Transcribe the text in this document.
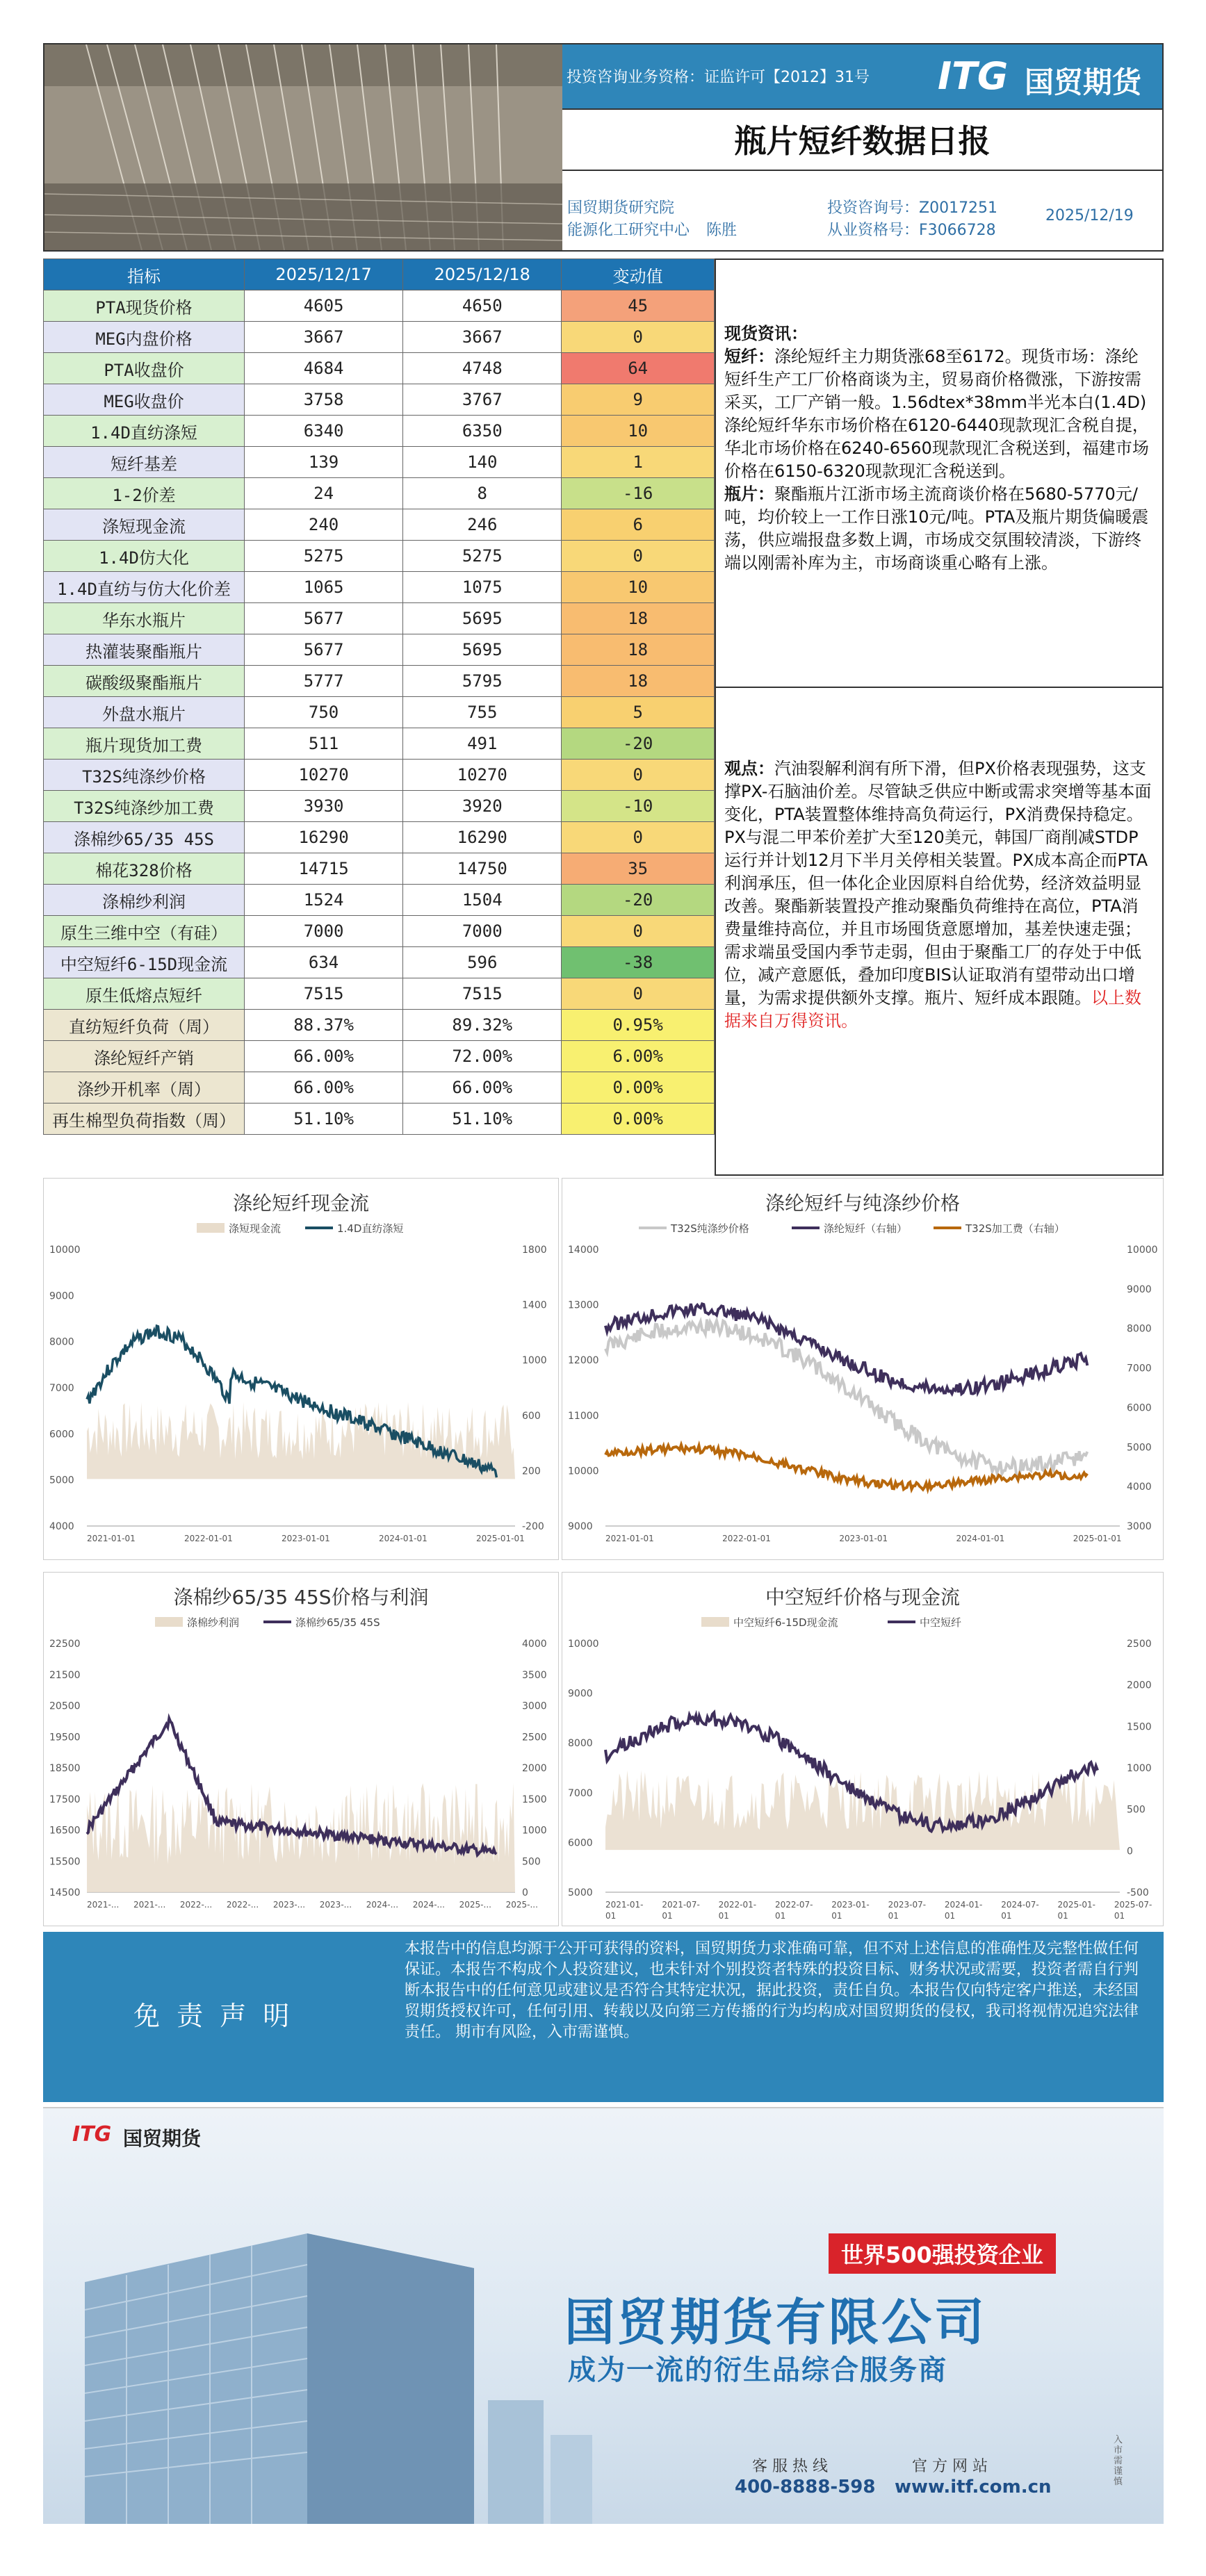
投资咨询业务资格：证监许可【2012】31号 ITG 国贸期货
瓶片短纤数据日报
国贸期货研究院
能源化工研究中心 陈胜
投资咨询号：Z0017251
从业资格号：F3066728
2025/12/19
指标	2025/12/17	2025/12/18	变动值
PTA现货价格	4605	4650	45
MEG内盘价格	3667	3667	0
PTA收盘价	4684	4748	64
MEG收盘价	3758	3767	9
1.4D直纺涤短	6340	6350	10
短纤基差	139	140	1
1-2价差	24	8	-16
涤短现金流	240	246	6
1.4D仿大化	5275	5275	0
1.4D直纺与仿大化价差	1065	1075	10
华东水瓶片	5677	5695	18
热灌装聚酯瓶片	5677	5695	18
碳酸级聚酯瓶片	5777	5795	18
外盘水瓶片	750	755	5
瓶片现货加工费	511	491	-20
T32S纯涤纱价格	10270	10270	0
T32S纯涤纱加工费	3930	3920	-10
涤棉纱65/35 45S	16290	16290	0
棉花328价格	14715	14750	35
涤棉纱利润	1524	1504	-20
原生三维中空（有硅）	7000	7000	0
中空短纤6-15D现金流	634	596	-38
原生低熔点短纤	7515	7515	0
直纺短纤负荷（周）	88.37%	89.32%	0.95%
涤纶短纤产销	66.00%	72.00%	6.00%
涤纱开机率（周）	66.00%	66.00%	0.00%
再生棉型负荷指数（周）	51.10%	51.10%	0.00%
现货资讯：
短纤：涤纶短纤主力期货涨68至6172。现货市场：涤纶短纤生产工厂价格商谈为主，贸易商价格微涨，下游按需采买，工厂产销一般。1.56dtex*38mm半光本白(1.4D)涤纶短纤华东市场价格在6120-6440现款现汇含税自提，华北市场价格在6240-6560现款现汇含税送到，福建市场价格在6150-6320现款现汇含税送到。
瓶片：聚酯瓶片江浙市场主流商谈价格在5680-5770元/吨，均价较上一工作日涨10元/吨。PTA及瓶片期货偏暖震荡，供应端报盘多数上调，市场成交氛围较清淡，下游终端以刚需补库为主，市场商谈重心略有上涨。
观点：汽油裂解利润有所下滑，但PX价格表现强势，这支撑PX-石脑油价差。尽管缺乏供应中断或需求突增等基本面变化，PTA装置整体维持高负荷运行，PX消费保持稳定。PX与混二甲苯价差扩大至120美元，韩国厂商削减STDP运行并计划12月下半月关停相关装置。PX成本高企而PTA利润承压，但一体化企业因原料自给优势，经济效益明显改善。聚酯新装置投产推动聚酯负荷维持在高位，PTA消费量维持高位，并且市场囤货意愿增加，基差快速走强；需求端虽受国内季节走弱，但由于聚酯工厂的存处于中低位，减产意愿低，叠加印度BIS认证取消有望带动出口增量，为需求提供额外支撑。瓶片、短纤成本跟随。以上数据来自万得资讯。
涤纶短纤现金流
涤短现金流	1.4D直纺涤短
10000
9000
8000
7000
6000
5000
4000
1800
1400
1000
600
200
-200
2021-01-01	2022-01-01	2023-01-01	2024-01-01	2025-01-01
涤纶短纤与纯涤纱价格
T32S纯涤纱价格	涤纶短纤（右轴）	T32S加工费（右轴）
14000
13000
12000
11000
10000
9000
10000
9000
8000
7000
6000
5000
4000
3000
2021-01-01	2022-01-01	2023-01-01	2024-01-01	2025-01-01
涤棉纱65/35 45S价格与利润
涤棉纱利润	涤棉纱65/35 45S
22500
21500
20500
19500
18500
17500
16500
15500
14500
4000
3500
3000
2500
2000
1500
1000
500
0
2021-... 2021-... 2022-... 2022-... 2023-... 2023-... 2024-... 2024-... 2025-... 2025-...
中空短纤价格与现金流
中空短纤6-15D现金流	中空短纤
10000
9000
8000
7000
6000
5000
2500
2000
1500
1000
500
0
-500
2021-01-
01
2021-07-
01
2022-01-
01
2022-07-
01
2023-01-
01
2023-07-
01
2024-01-
01
2024-07-
01
2025-01-
01
2025-07-
01
免 责 声 明
本报告中的信息均源于公开可获得的资料，国贸期货力求准确可靠，但不对上述信息的准确性及完整性做任何保证。本报告不构成个人投资建议，也未针对个别投资者特殊的投资目标、财务状况或需要，投资者需自行判断本报告中的任何意见或建议是否符合其特定状况，据此投资，责任自负。本报告仅向特定客户推送，未经国贸期货授权许可，任何引用、转载以及向第三方传播的行为均构成对国贸期货的侵权，我司将视情况追究法律责任。 期市有风险，入市需谨慎。
ITG 国贸期货
世界500强投资企业
国贸期货有限公司
成为一流的衍生品综合服务商
客 服 热 线
400-8888-598
官 方 网 站
www.itf.com.cn
入市需谨慎
